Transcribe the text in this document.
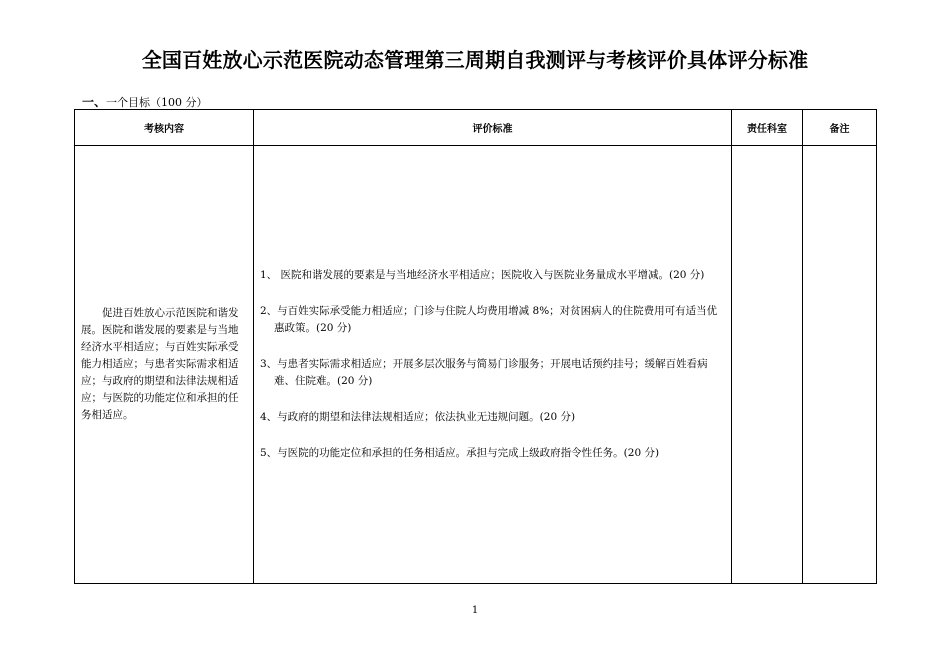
全国百姓放心示范医院动态管理第三周期自我测评与考核评价具体评分标准
一、一个目标（100 分）
考核内容	评价标准	责任科室	备注
促进百姓放心示范医院和谐发展。医院和谐发展的要素是与当地经济水平相适应；与百姓实际承受能力相适应；与患者实际需求相适应；与政府的期望和法律法规相适应；与医院的功能定位和承担的任务相适应。	1、 医院和谐发展的要素是与当地经济水平相适应；医院收入与医院业务量成水平增减。(20 分)
2、与百姓实际承受能力相适应；门诊与住院人均费用增减 8%；对贫困病人的住院费用可有适当优惠政策。(20 分)
3、与患者实际需求相适应；开展多层次服务与简易门诊服务；开展电话预约挂号；缓解百姓看病难、住院难。(20 分)
4、与政府的期望和法律法规相适应；依法执业无违规问题。(20 分)
5、与医院的功能定位和承担的任务相适应。承担与完成上级政府指令性任务。(20 分)		

1
